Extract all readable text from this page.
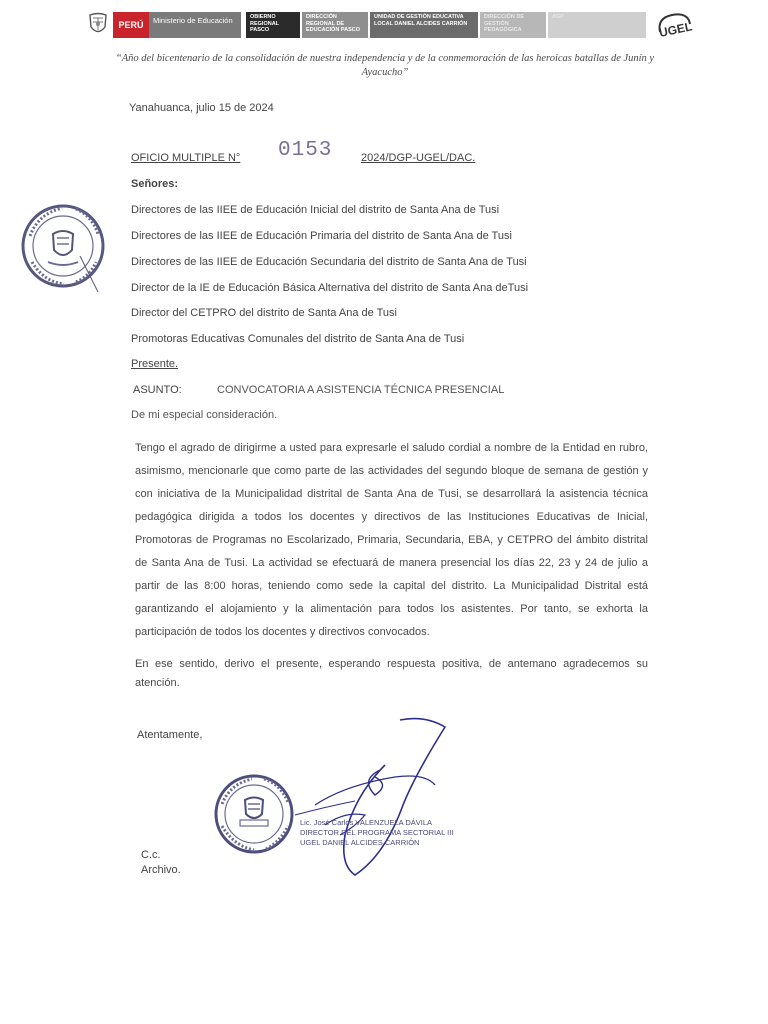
PERÚ	Ministerio de Educación	OBIERNO REGIONAL PASCO
DIRECCIÓN REGIONAL DE EDUCACIÓN PASCO
UNIDAD DE GESTIÓN EDUCATIVA LOCAL DANIEL ALCIDES CARRIÓN
DIRECCIÓN DE GESTIÓN PEDAGÓGICA
AGP
UGEL
“Año del bicentenario de la consolidación de nuestra independencia y de la conmemoración de las heroicas batallas de Junín y Ayacucho”
Yanahuanca, julio 15 de 2024
OFICIO MULTIPLE N° 0153	2024/DGP-UGEL/DAC.
Señores:
Directores de las IIEE de Educación Inicial del distrito de Santa Ana de Tusi
Directores de las IIEE de Educación Primaria del distrito de Santa Ana de Tusi
Directores de las IIEE de Educación Secundaria del distrito de Santa Ana de Tusi
Director de la IE de Educación Básica Alternativa del distrito de Santa Ana deTusi
Director del CETPRO del distrito de Santa Ana de Tusi
Promotoras Educativas Comunales del distrito de Santa Ana de Tusi
Presente.
ASUNTO:	CONVOCATORIA A ASISTENCIA TÉCNICA PRESENCIAL
De mi especial consideración.
Tengo el agrado de dirigirme a usted para expresarle el saludo cordial a nombre de la Entidad en rubro, asimismo, mencionarle que como parte de las actividades del segundo bloque de semana de gestión y con iniciativa de la Municipalidad distrital de Santa Ana de Tusi, se desarrollará la asistencia técnica pedagógica dirigida a todos los docentes y directivos de las Instituciones Educativas de Inicial, Promotoras de Programas no Escolarizado, Primaria, Secundaria, EBA, y CETPRO del ámbito distrital de Santa Ana de Tusi. La actividad se efectuará de manera presencial los días 22, 23 y 24 de julio a partir de las 8:00 horas, teniendo como sede la capital del distrito. La Municipalidad Distrital está garantizando el alojamiento y la alimentación para todos los asistentes. Por tanto, se exhorta la participación de todos los docentes y directivos convocados.
En ese sentido, derivo el presente, esperando respuesta positiva, de antemano agradecemos su atención.
Atentamente,
Lic. José Carlos VALENZUELA DÁVILA
DIRECTOR DEL PROGRAMA SECTORIAL III
UGEL DANIEL ALCIDES CARRIÓN
C.c.
Archivo.
